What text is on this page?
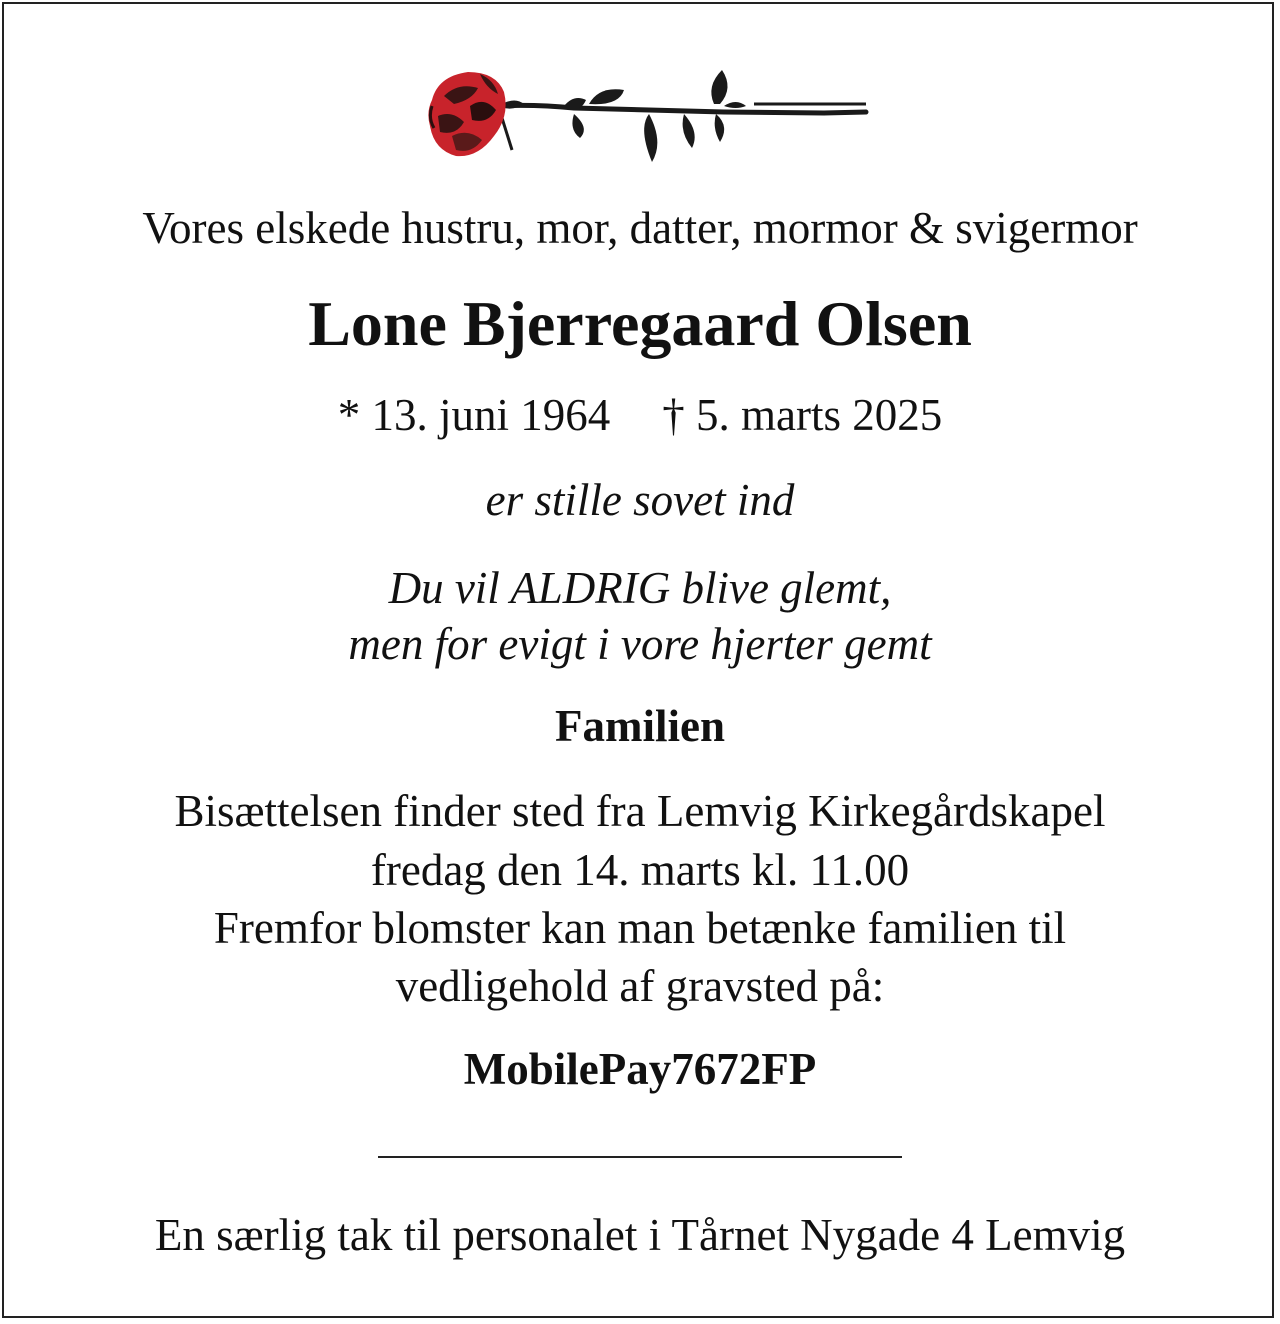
Vores elskede hustru, mor, datter, mormor & svigermor
Lone Bjerregaard Olsen
* 13. juni 1964 † 5. marts 2025
er stille sovet ind
Du vil ALDRIG blive glemt,
men for evigt i vore hjerter gemt
Familien
Bisættelsen finder sted fra Lemvig Kirkegårdskapel
fredag den 14. marts kl. 11.00
Fremfor blomster kan man betænke familien til
vedligehold af gravsted på:
MobilePay7672FP
En særlig tak til personalet i Tårnet Nygade 4 Lemvig
